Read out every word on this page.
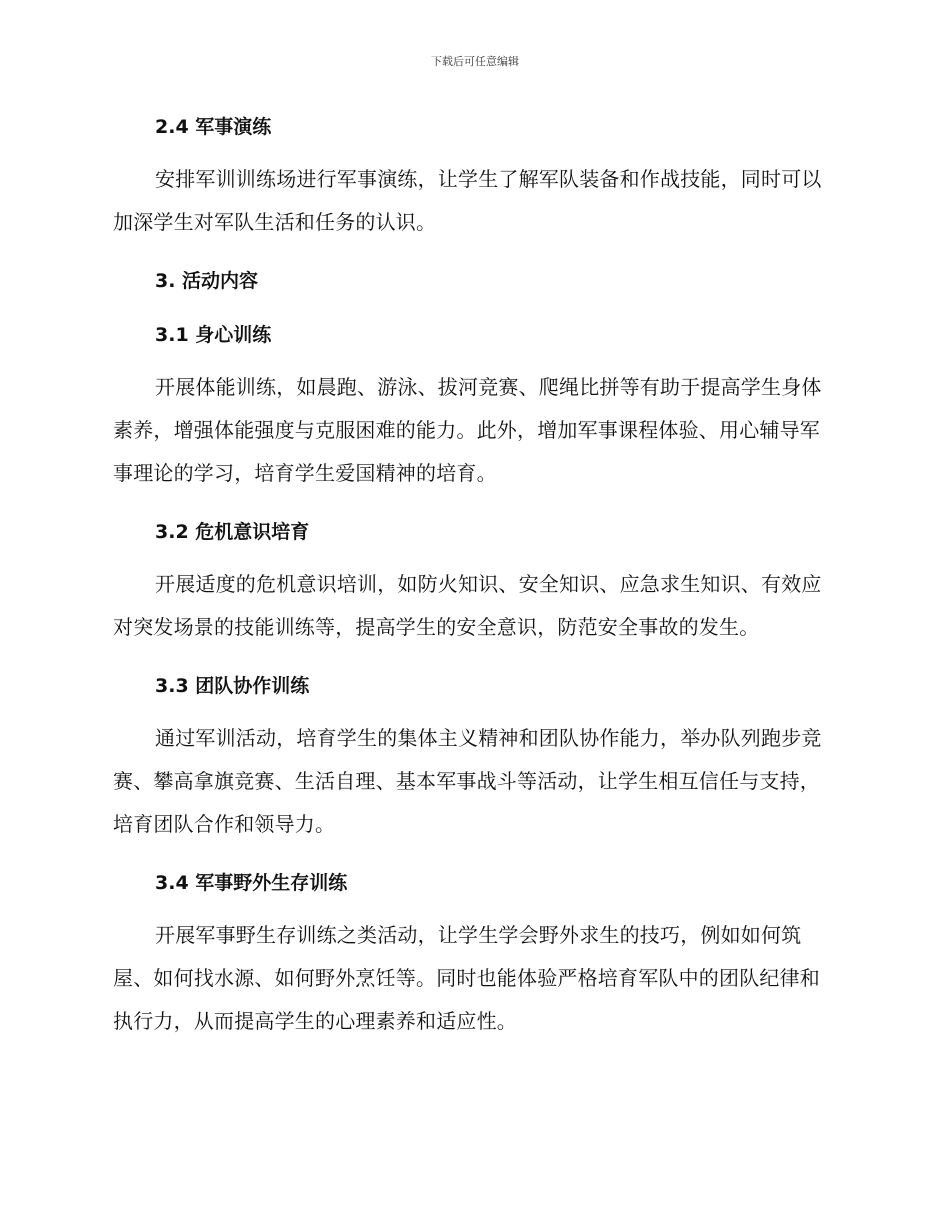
下载后可任意编辑
2.4 军事演练

安排军训训练场进行军事演练，让学生了解军队装备和作战技能，同时可以加深学生对军队生活和任务的认识。

3. 活动内容
3.1 身心训练

开展体能训练，如晨跑、游泳、拔河竞赛、爬绳比拼等有助于提高学生身体素养，增强体能强度与克服困难的能力。此外，增加军事课程体验、用心辅导军事理论的学习，培育学生爱国精神的培育。

3.2 危机意识培育

开展适度的危机意识培训，如防火知识、安全知识、应急求生知识、有效应对突发场景的技能训练等，提高学生的安全意识，防范安全事故的发生。

3.3 团队协作训练

通过军训活动，培育学生的集体主义精神和团队协作能力，举办队列跑步竞赛、攀高拿旗竞赛、生活自理、基本军事战斗等活动，让学生相互信任与支持，培育团队合作和领导力。

3.4 军事野外生存训练

开展军事野生存训练之类活动，让学生学会野外求生的技巧，例如如何筑屋、如何找水源、如何野外烹饪等。同时也能体验严格培育军队中的团队纪律和执行力，从而提高学生的心理素养和适应性。
